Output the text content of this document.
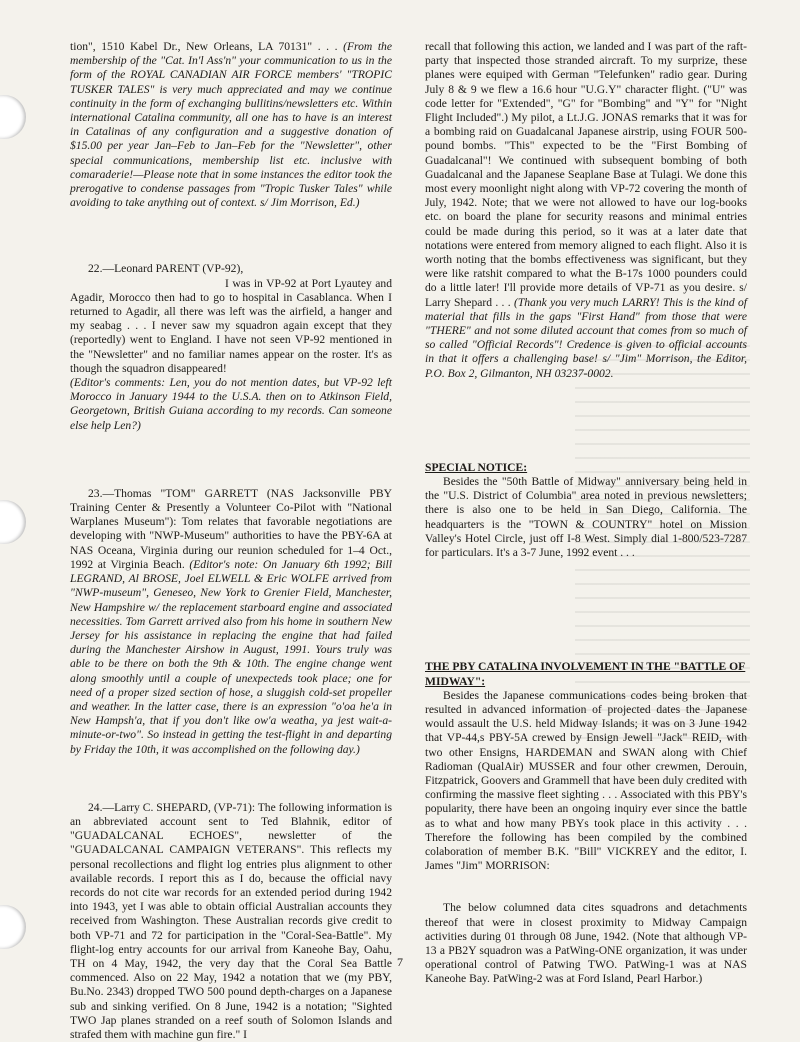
tion", 1510 Kabel Dr., New Orleans, LA 70131" . . . (From the membership of the "Cat. In'l Ass'n" your communication to us in the form of the ROYAL CANADIAN AIR FORCE members' "TROPIC TUSKER TALES" is very much appreciated and may we continue continuity in the form of exchanging bullitins/newsletters etc. Within international Catalina community, all one has to have is an interest in Catalinas of any configuration and a suggestive donation of $15.00 per year Jan–Feb to Jan–Feb for the "Newsletter", other special communications, membership list etc. inclusive with comaraderie!—Please note that in some instances the editor took the prerogative to condense passages from "Tropic Tusker Tales" while avoiding to take anything out of context. s/ Jim Morrison, Ed.)

22.—Leonard PARENT (VP-92),

I was in VP-92 at Port Lyautey and Agadir, Morocco then had to go to hospital in Casablanca. When I returned to Agadir, all there was left was the airfield, a hanger and my seabag . . . I never saw my squadron again except that they (reportedly) went to England. I have not seen VP-92 mentioned in the "Newsletter" and no familiar names appear on the roster. It's as though the squadron disappeared!

(Editor's comments: Len, you do not mention dates, but VP-92 left Morocco in January 1944 to the U.S.A. then on to Atkinson Field, Georgetown, British Guiana according to my records. Can someone else help Len?)

23.—Thomas "TOM" GARRETT (NAS Jacksonville PBY Training Center & Presently a Volunteer Co-Pilot with "National Warplanes Museum"): Tom relates that favorable negotiations are developing with "NWP-Museum" authorities to have the PBY-6A at NAS Oceana, Virginia during our reunion scheduled for 1–4 Oct., 1992 at Virginia Beach. (Editor's note: On January 6th 1992; Bill LEGRAND, Al BROSE, Joel ELWELL & Eric WOLFE arrived from "NWP-museum", Geneseo, New York to Grenier Field, Manchester, New Hampshire w/ the replacement starboard engine and associated necessities. Tom Garrett arrived also from his home in southern New Jersey for his assistance in replacing the engine that had failed during the Manchester Airshow in August, 1991. Yours truly was able to be there on both the 9th & 10th. The engine change went along smoothly until a couple of unexpecteds took place; one for need of a proper sized section of hose, a sluggish cold-set propeller and weather. In the latter case, there is an expression "o'oa he'a in New Hampsh'a, that if you don't like ow'a weatha, ya jest wait-a-minute-or-two". So instead in getting the test-flight in and departing by Friday the 10th, it was accomplished on the following day.)

24.—Larry C. SHEPARD, (VP-71): The following information is an abbreviated account sent to Ted Blahnik, editor of "GUADALCANAL ECHOES", newsletter of the "GUADALCANAL CAMPAIGN VETERANS". This reflects my personal recollections and flight log entries plus alignment to other available records. I report this as I do, because the official navy records do not cite war records for an extended period during 1942 into 1943, yet I was able to obtain official Australian accounts they received from Washington. These Australian records give credit to both VP-71 and 72 for participation in the "Coral-Sea-Battle". My flight-log entry accounts for our arrival from Kaneohe Bay, Oahu, TH on 4 May, 1942, the very day that the Coral Sea Battle commenced. Also on 22 May, 1942 a notation that we (my PBY, Bu.No. 2343) dropped TWO 500 pound depth-charges on a Japanese sub and sinking verified. On 8 June, 1942 is a notation; "Sighted TWO Jap planes stranded on a reef south of Solomon Islands and strafed them with machine gun fire." I

recall that following this action, we landed and I was part of the raft-party that inspected those stranded aircraft. To my surprize, these planes were equiped with German "Telefunken" radio gear. During July 8 & 9 we flew a 16.6 hour "U.G.Y" character flight. ("U" was code letter for "Extended", "G" for "Bombing" and "Y" for "Night Flight Included".) My pilot, a Lt.J.G. JONAS remarks that it was for a bombing raid on Guadalcanal Japanese airstrip, using FOUR 500-pound bombs. "This" expected to be the "First Bombing of Guadalcanal"! We continued with subsequent bombing of both Guadalcanal and the Japanese Seaplane Base at Tulagi. We done this most every moonlight night along with VP-72 covering the month of July, 1942. Note; that we were not allowed to have our log-books etc. on board the plane for security reasons and minimal entries could be made during this period, so it was at a later date that notations were entered from memory aligned to each flight. Also it is worth noting that the bombs effectiveness was significant, but they were like ratshit compared to what the B-17s 1000 pounders could do a little later! I'll provide more details of VP-71 as you desire. s/ Larry Shepard . . . (Thank you very much LARRY! This is the kind of material that fills in the gaps "First Hand" from those that were "THERE" and not some diluted account that comes from so much of so called "Official Records"! Credence is given to official accounts in that it offers a challenging base! s/ "Jim" Morrison, the Editor, P.O. Box 2, Gilmanton, NH 03237-0002.

SPECIAL NOTICE:

Besides the "50th Battle of Midway" anniversary being held in the "U.S. District of Columbia" area noted in previous newsletters; there is also one to be held in San Diego, California. The headquarters is the "TOWN & COUNTRY" hotel on Mission Valley's Hotel Circle, just off I-8 West. Simply dial 1-800/523-7287 for particulars. It's a 3-7 June, 1992 event . . .

THE PBY CATALINA INVOLVEMENT IN THE "BATTLE OF MIDWAY":

Besides the Japanese communications codes being broken that resulted in advanced information of projected dates the Japanese would assault the U.S. held Midway Islands; it was on 3 June 1942 that VP-44,s PBY-5A crewed by Ensign Jewell "Jack" REID, with two other Ensigns, HARDEMAN and SWAN along with Chief Radioman (QualAir) MUSSER and four other crewmen, Derouin, Fitzpatrick, Goovers and Grammell that have been duly credited with confirming the massive fleet sighting . . . Associated with this PBY's popularity, there have been an ongoing inquiry ever since the battle as to what and how many PBYs took place in this activity . . . Therefore the following has been compiled by the combined colaboration of member B.K. "Bill" VICKREY and the editor, I. James "Jim" MORRISON:

The below columned data cites squadrons and detachments thereof that were in closest proximity to Midway Campaign activities during 01 through 08 June, 1942. (Note that although VP-13 a PB2Y squadron was a PatWing-ONE organization, it was under operational control of Patwing TWO. PatWing-1 was at NAS Kaneohe Bay. PatWing-2 was at Ford Island, Pearl Harbor.)

7
